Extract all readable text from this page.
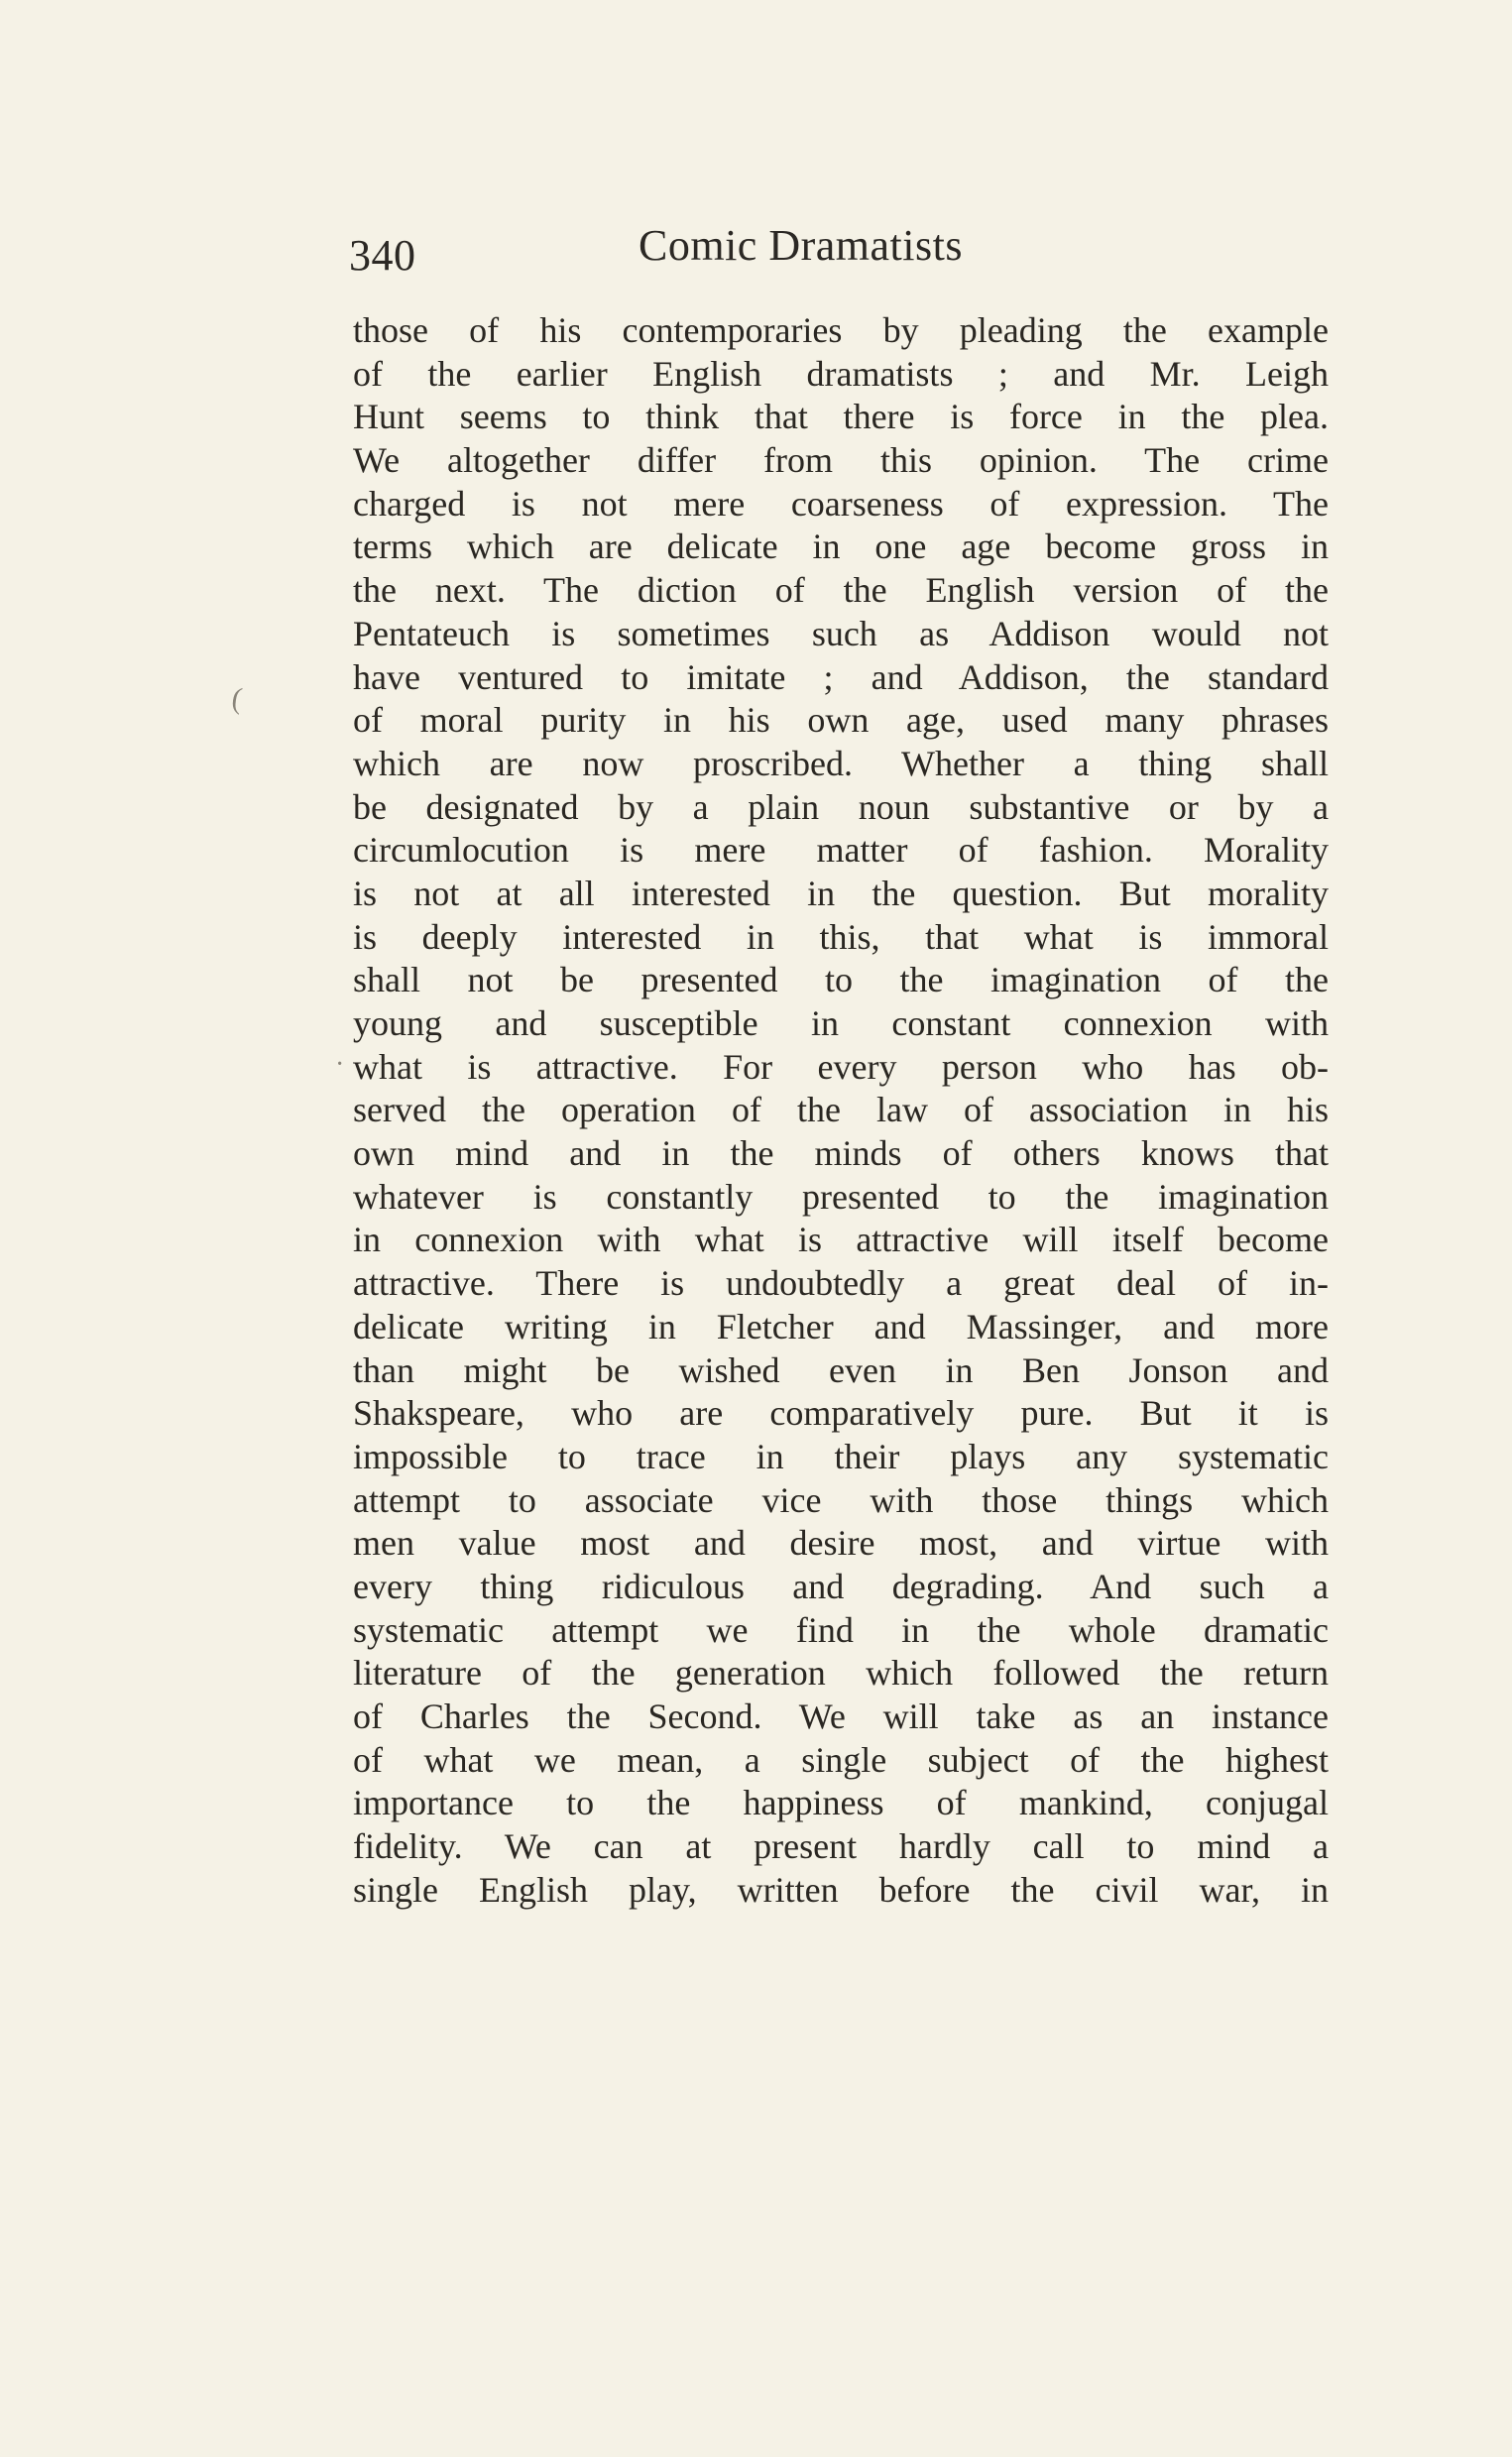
340	Comic Dramatists
(
·
those of his contemporaries by pleading the example
of the earlier English dramatists ; and Mr. Leigh
Hunt seems to think that there is force in the plea.
We altogether differ from this opinion. The crime
charged is not mere coarseness of expression. The
terms which are delicate in one age become gross in
the next. The diction of the English version of the
Pentateuch is sometimes such as Addison would not
have ventured to imitate ; and Addison, the standard
of moral purity in his own age, used many phrases
which are now proscribed. Whether a thing shall
be designated by a plain noun substantive or by a
circumlocution is mere matter of fashion. Morality
is not at all interested in the question. But morality
is deeply interested in this, that what is immoral
shall not be presented to the imagination of the
young and susceptible in constant connexion with
what is attractive. For every person who has ob-
served the operation of the law of association in his
own mind and in the minds of others knows that
whatever is constantly presented to the imagination
in connexion with what is attractive will itself become
attractive. There is undoubtedly a great deal of in-
delicate writing in Fletcher and Massinger, and more
than might be wished even in Ben Jonson and
Shakspeare, who are comparatively pure. But it is
impossible to trace in their plays any systematic
attempt to associate vice with those things which
men value most and desire most, and virtue with
every thing ridiculous and degrading. And such a
systematic attempt we find in the whole dramatic
literature of the generation which followed the return
of Charles the Second. We will take as an instance
of what we mean, a single subject of the highest
importance to the happiness of mankind, conjugal
fidelity. We can at present hardly call to mind a
single English play, written before the civil war, in
